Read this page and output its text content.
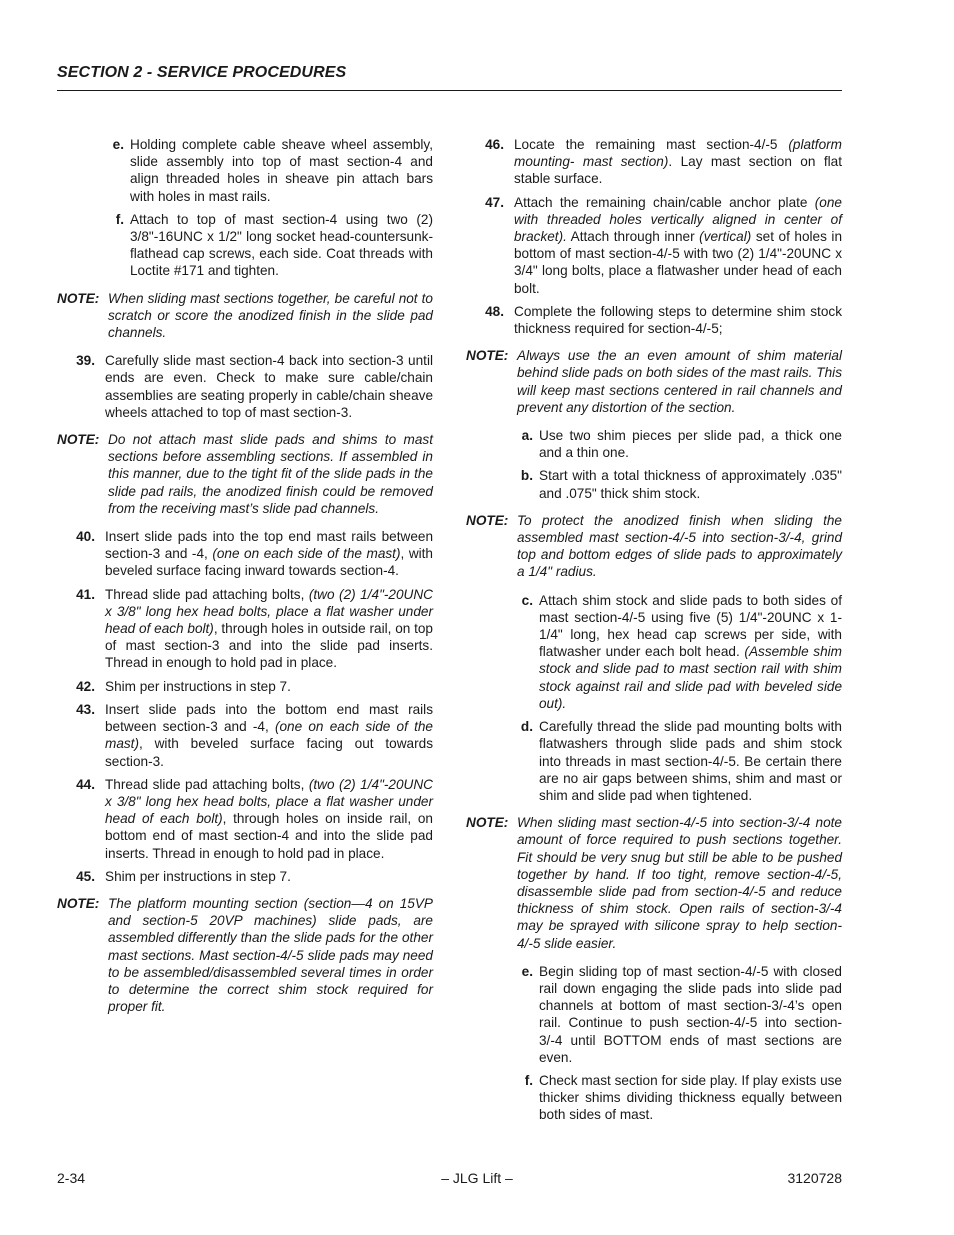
SECTION 2 - SERVICE PROCEDURES
e. Holding complete cable sheave wheel assembly, slide assembly into top of mast section-4 and align threaded holes in sheave pin attach bars with holes in mast rails.
f. Attach to top of mast section-4 using two (2) 3/8"-16UNC x 1/2" long socket head-countersunk-flathead cap screws, each side. Coat threads with Loctite #171 and tighten.
NOTE: When sliding mast sections together, be careful not to scratch or score the anodized finish in the slide pad channels.
39. Carefully slide mast section-4 back into section-3 until ends are even. Check to make sure cable/chain assemblies are seating properly in cable/chain sheave wheels attached to top of mast section-3.
NOTE: Do not attach mast slide pads and shims to mast sections before assembling sections. If assembled in this manner, due to the tight fit of the slide pads in the slide pad rails, the anodized finish could be removed from the receiving mast’s slide pad channels.
40. Insert slide pads into the top end mast rails between section-3 and -4, (one on each side of the mast), with beveled surface facing inward towards section-4.
41. Thread slide pad attaching bolts, (two (2) 1/4"-20UNC x 3/8" long hex head bolts, place a flat washer under head of each bolt), through holes in outside rail, on top of mast section-3 and into the slide pad inserts. Thread in enough to hold pad in place.
42. Shim per instructions in step 7.
43. Insert slide pads into the bottom end mast rails between section-3 and -4, (one on each side of the mast), with beveled surface facing out towards section-3.
44. Thread slide pad attaching bolts, (two (2) 1/4"-20UNC x 3/8" long hex head bolts, place a flat washer under head of each bolt), through holes on inside rail, on bottom end of mast section-4 and into the slide pad inserts. Thread in enough to hold pad in place.
45. Shim per instructions in step 7.
NOTE: The platform mounting section (section—4 on 15VP and section-5 20VP machines) slide pads, are assembled differently than the slide pads for the other mast sections. Mast section-4/-5 slide pads may need to be assembled/disassembled several times in order to determine the correct shim stock required for proper fit.
46. Locate the remaining mast section-4/-5 (platform mounting- mast section). Lay mast section on flat stable surface.
47. Attach the remaining chain/cable anchor plate (one with threaded holes vertically aligned in center of bracket). Attach through inner (vertical) set of holes in bottom of mast section-4/-5 with two (2) 1/4"-20UNC x 3/4" long bolts, place a flatwasher under head of each bolt.
48. Complete the following steps to determine shim stock thickness required for section-4/-5;
NOTE: Always use the an even amount of shim material behind slide pads on both sides of the mast rails. This will keep mast sections centered in rail channels and prevent any distortion of the section.
a. Use two shim pieces per slide pad, a thick one and a thin one.
b. Start with a total thickness of approximately .035" and .075" thick shim stock.
NOTE: To protect the anodized finish when sliding the assembled mast section-4/-5 into section-3/-4, grind top and bottom edges of slide pads to approximately a 1/4" radius.
c. Attach shim stock and slide pads to both sides of mast section-4/-5 using five (5) 1/4"-20UNC x 1-1/4" long, hex head cap screws per side, with flatwasher under each bolt head. (Assemble shim stock and slide pad to mast section rail with shim stock against rail and slide pad with beveled side out).
d. Carefully thread the slide pad mounting bolts with flatwashers through slide pads and shim stock into threads in mast section-4/-5. Be certain there are no air gaps between shims, shim and mast or shim and slide pad when tightened.
NOTE: When sliding mast section-4/-5 into section-3/-4 note amount of force required to push sections together. Fit should be very snug but still be able to be pushed together by hand. If too tight, remove section-4/-5, disassemble slide pad from section-4/-5 and reduce thickness of shim stock. Open rails of section-3/-4 may be sprayed with silicone spray to help section-4/-5 slide easier.
e. Begin sliding top of mast section-4/-5 with closed rail down engaging the slide pads into slide pad channels at bottom of mast section-3/-4’s open rail. Continue to push section-4/-5 into section-3/-4 until BOTTOM ends of mast sections are even.
f. Check mast section for side play. If play exists use thicker shims dividing thickness equally between both sides of mast.
2-34	– JLG Lift –	3120728
